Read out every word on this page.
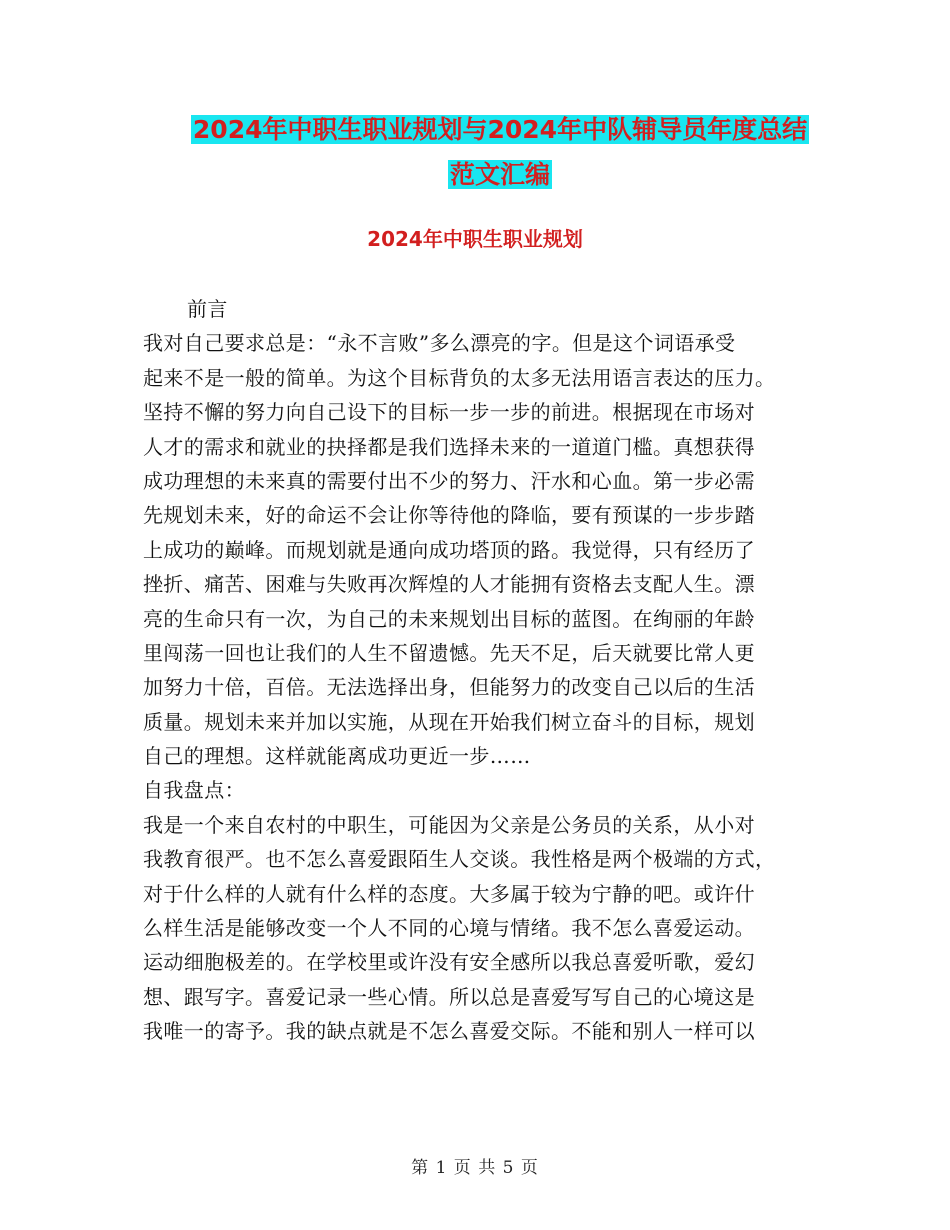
2024年中职生职业规划与2024年中队辅导员年度总结
范文汇编
2024年中职生职业规划
前言
我对自己要求总是：“永不言败”多么漂亮的字。但是这个词语承受
起来不是一般的简单。为这个目标背负的太多无法用语言表达的压力。
坚持不懈的努力向自己设下的目标一步一步的前进。根据现在市场对
人才的需求和就业的抉择都是我们选择未来的一道道门槛。真想获得
成功理想的未来真的需要付出不少的努力、汗水和心血。第一步必需
先规划未来，好的命运不会让你等待他的降临，要有预谋的一步步踏
上成功的巅峰。而规划就是通向成功塔顶的路。我觉得，只有经历了
挫折、痛苦、困难与失败再次辉煌的人才能拥有资格去支配人生。漂
亮的生命只有一次，为自己的未来规划出目标的蓝图。在绚丽的年龄
里闯荡一回也让我们的人生不留遗憾。先天不足，后天就要比常人更
加努力十倍，百倍。无法选择出身，但能努力的改变自己以后的生活
质量。规划未来并加以实施，从现在开始我们树立奋斗的目标，规划
自己的理想。这样就能离成功更近一步……
自我盘点：
我是一个来自农村的中职生，可能因为父亲是公务员的关系，从小对
我教育很严。也不怎么喜爱跟陌生人交谈。我性格是两个极端的方式，
对于什么样的人就有什么样的态度。大多属于较为宁静的吧。或许什
么样生活是能够改变一个人不同的心境与情绪。我不怎么喜爱运动。
运动细胞极差的。在学校里或许没有安全感所以我总喜爱听歌，爱幻
想、跟写字。喜爱记录一些心情。所以总是喜爱写写自己的心境这是
我唯一的寄予。我的缺点就是不怎么喜爱交际。不能和别人一样可以
第 1 页 共 5 页
